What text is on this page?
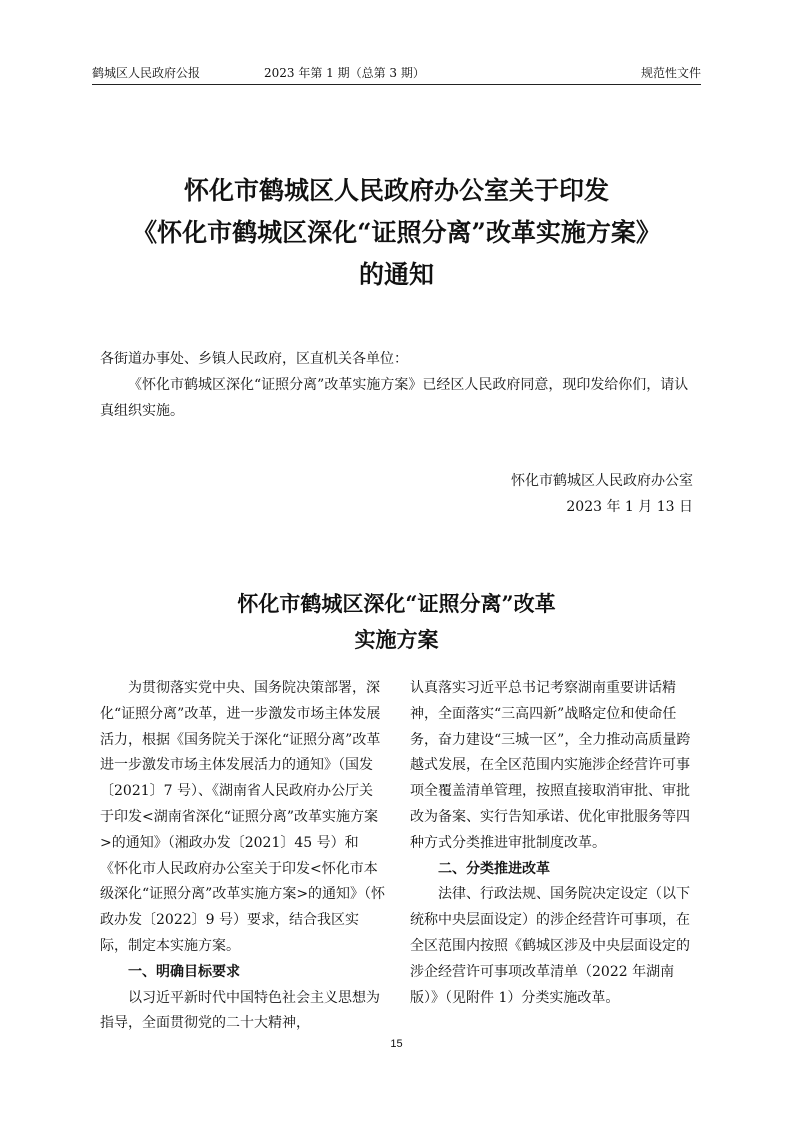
鹤城区人民政府公报	2023 年第 1 期（总第 3 期）	规范性文件
怀化市鹤城区人民政府办公室关于印发
《怀化市鹤城区深化“证照分离”改革实施方案》
的通知
各街道办事处、乡镇人民政府，区直机关各单位：
《怀化市鹤城区深化“证照分离”改革实施方案》已经区人民政府同意，现印发给你们，请认真组织实施。
怀化市鹤城区人民政府办公室
2023 年 1 月 13 日
怀化市鹤城区深化“证照分离”改革
实施方案

为贯彻落实党中央、国务院决策部署，深化“证照分离”改革，进一步激发市场主体发展活力，根据《国务院关于深化“证照分离”改革进一步激发市场主体发展活力的通知》（国发〔2021〕7 号）、《湖南省人民政府办公厅关于印发<湖南省深化“证照分离”改革实施方案>的通知》（湘政办发〔2021〕45 号）和《怀化市人民政府办公室关于印发<怀化市本级深化“证照分离”改革实施方案>的通知》（怀政办发〔2022〕9 号）要求，结合我区实际，制定本实施方案。

一、明确目标要求

以习近平新时代中国特色社会主义思想为指导，全面贯彻党的二十大精神，

认真落实习近平总书记考察湖南重要讲话精神，全面落实“三高四新”战略定位和使命任务，奋力建设“三城一区”，全力推动高质量跨越式发展，在全区范围内实施涉企经营许可事项全覆盖清单管理，按照直接取消审批、审批改为备案、实行告知承诺、优化审批服务等四种方式分类推进审批制度改革。

二、分类推进改革

法律、行政法规、国务院决定设定（以下统称中央层面设定）的涉企经营许可事项，在全区范围内按照《鹤城区涉及中央层面设定的涉企经营许可事项改革清单（2022 年湖南版）》（见附件 1）分类实施改革。

15
